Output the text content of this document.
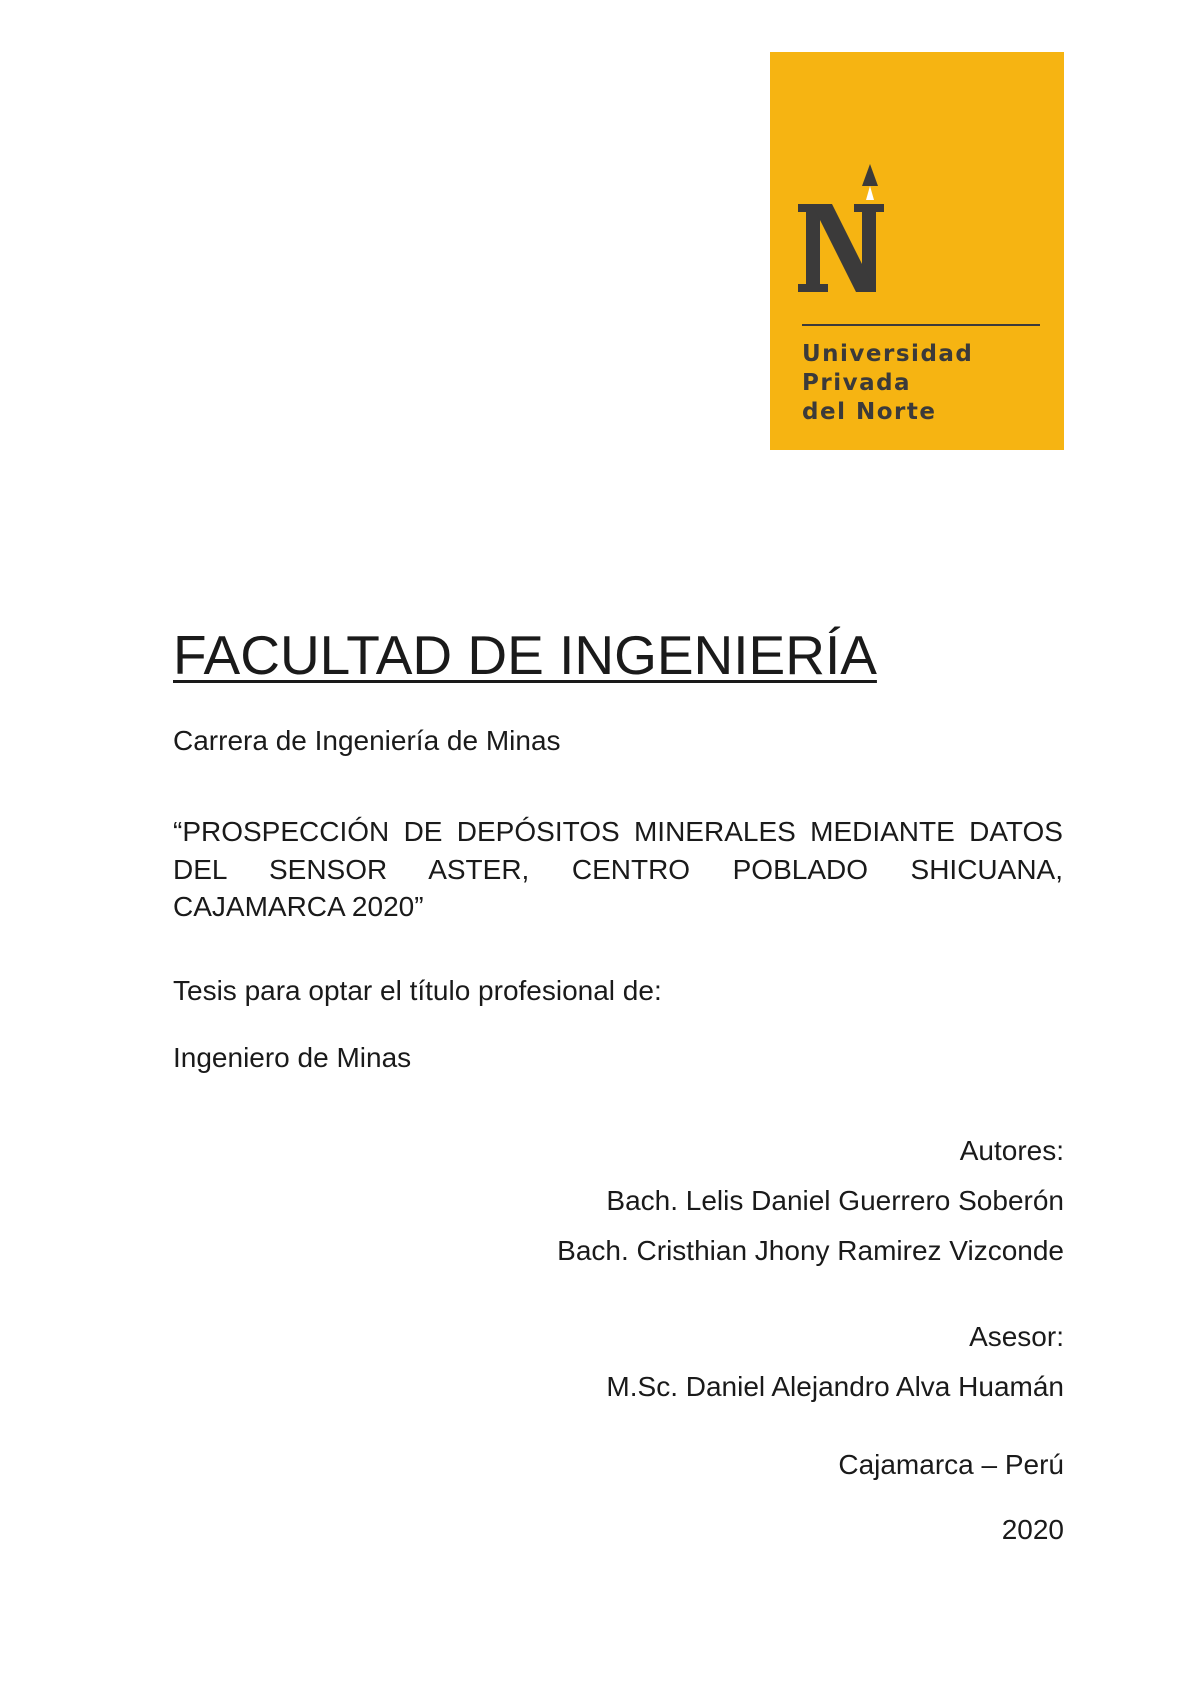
Universidad
Privada
del Norte

FACULTAD DE INGENIERÍA

Carrera de Ingeniería de Minas

“PROSPECCIÓN DE DEPÓSITOS MINERALES MEDIANTE DATOS DEL SENSOR ASTER, CENTRO POBLADO SHICUANA, CAJAMARCA 2020”

Tesis para optar el título profesional de:

Ingeniero de Minas

Autores:

Bach. Lelis Daniel Guerrero Soberón

Bach. Cristhian Jhony Ramirez Vizconde

Asesor:

M.Sc. Daniel Alejandro Alva Huamán

Cajamarca – Perú

2020
